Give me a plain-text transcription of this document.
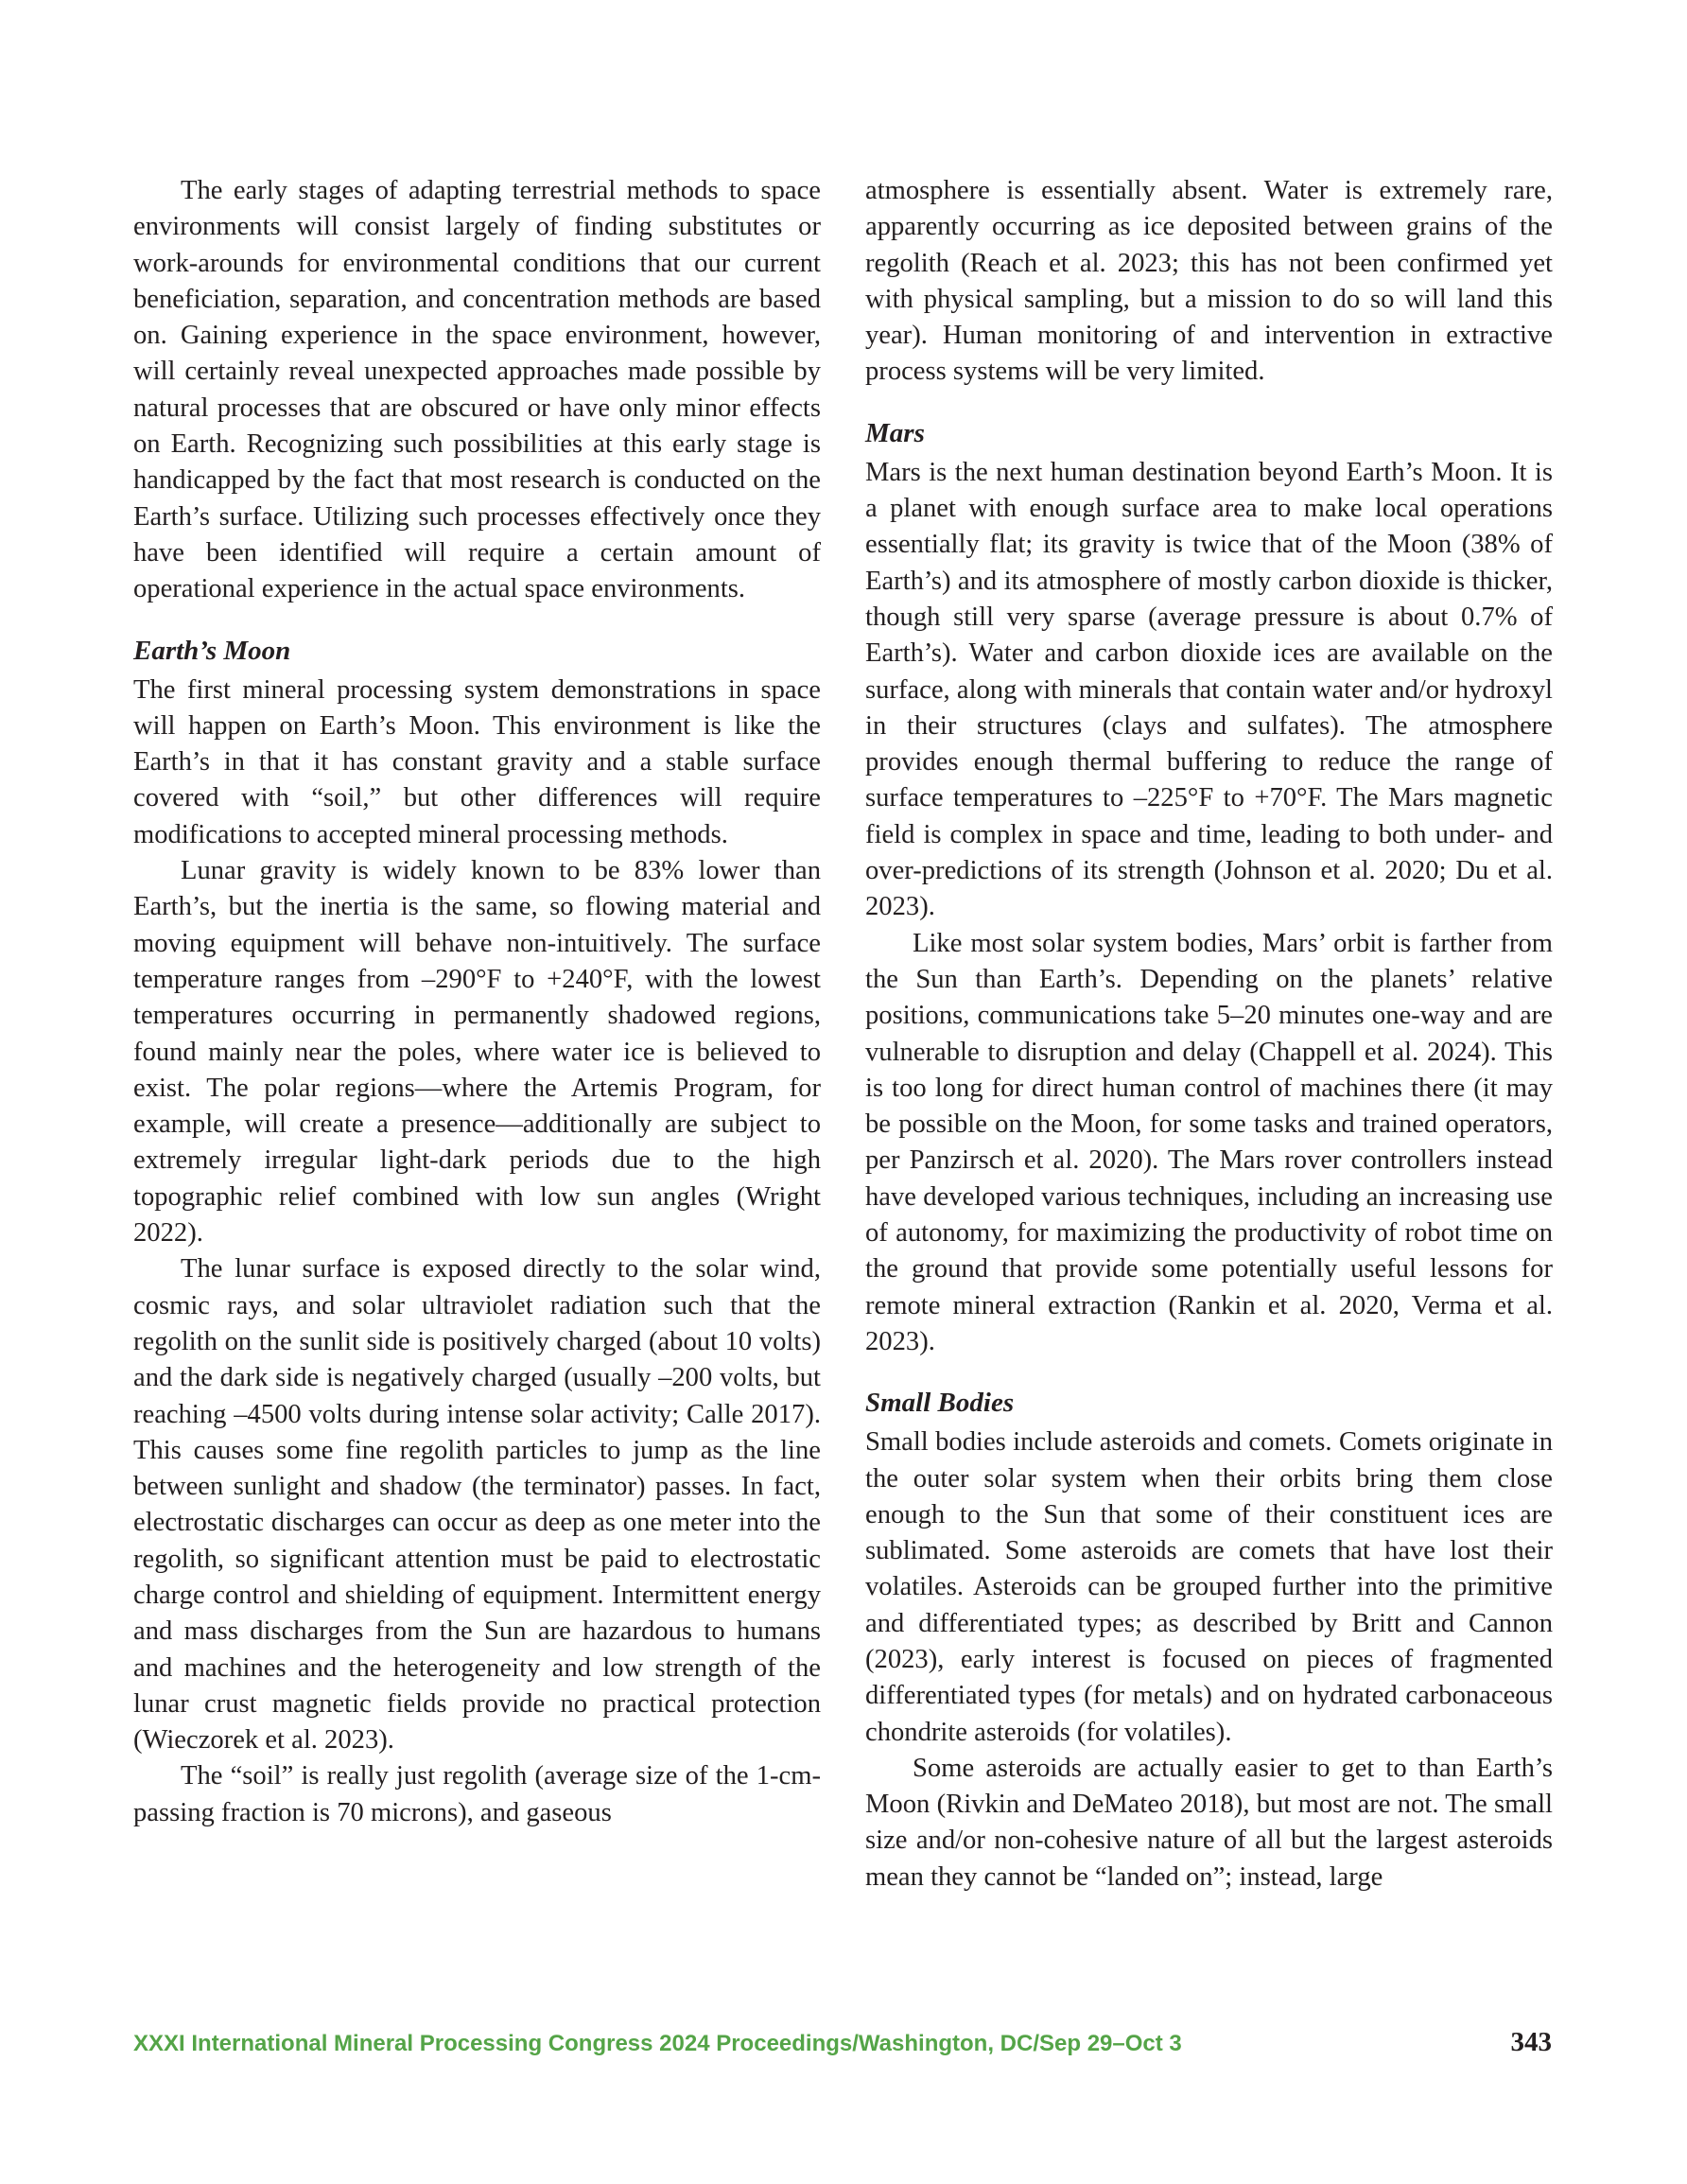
The early stages of adapting terrestrial methods to space environments will consist largely of finding substitutes or work-arounds for environmental conditions that our current beneficiation, separation, and concentration methods are based on. Gaining experience in the space environment, however, will certainly reveal unexpected approaches made possible by natural processes that are obscured or have only minor effects on Earth. Recognizing such possibilities at this early stage is handicapped by the fact that most research is conducted on the Earth’s surface. Utilizing such processes effectively once they have been identified will require a certain amount of operational experience in the actual space environments.

Earth’s Moon

The first mineral processing system demonstrations in space will happen on Earth’s Moon. This environment is like the Earth’s in that it has constant gravity and a stable surface covered with “soil,” but other differences will require modifications to accepted mineral processing methods.

Lunar gravity is widely known to be 83% lower than Earth’s, but the inertia is the same, so flowing material and moving equipment will behave non-intuitively. The surface temperature ranges from –290°F to +240°F, with the lowest temperatures occurring in permanently shadowed regions, found mainly near the poles, where water ice is believed to exist. The polar regions—where the Artemis Program, for example, will create a presence—additionally are subject to extremely irregular light-dark periods due to the high topographic relief combined with low sun angles (Wright 2022).

The lunar surface is exposed directly to the solar wind, cosmic rays, and solar ultraviolet radiation such that the regolith on the sunlit side is positively charged (about 10 volts) and the dark side is negatively charged (usually –200 volts, but reaching –4500 volts during intense solar activity; Calle 2017). This causes some fine regolith particles to jump as the line between sunlight and shadow (the terminator) passes. In fact, electrostatic discharges can occur as deep as one meter into the regolith, so significant attention must be paid to electrostatic charge control and shielding of equipment. Intermittent energy and mass discharges from the Sun are hazardous to humans and machines and the heterogeneity and low strength of the lunar crust magnetic fields provide no practical protection (Wieczorek et al. 2023).

The “soil” is really just regolith (average size of the 1-cm-passing fraction is 70 microns), and gaseous

atmosphere is essentially absent. Water is extremely rare, apparently occurring as ice deposited between grains of the regolith (Reach et al. 2023; this has not been confirmed yet with physical sampling, but a mission to do so will land this year). Human monitoring of and intervention in extractive process systems will be very limited.

Mars

Mars is the next human destination beyond Earth’s Moon. It is a planet with enough surface area to make local operations essentially flat; its gravity is twice that of the Moon (38% of Earth’s) and its atmosphere of mostly carbon dioxide is thicker, though still very sparse (average pressure is about 0.7% of Earth’s). Water and carbon dioxide ices are available on the surface, along with minerals that contain water and/or hydroxyl in their structures (clays and sulfates). The atmosphere provides enough thermal buffering to reduce the range of surface temperatures to –225°F to +70°F. The Mars magnetic field is complex in space and time, leading to both under- and over-predictions of its strength (Johnson et al. 2020; Du et al. 2023).

Like most solar system bodies, Mars’ orbit is farther from the Sun than Earth’s. Depending on the planets’ relative positions, communications take 5–20 minutes one-way and are vulnerable to disruption and delay (Chappell et al. 2024). This is too long for direct human control of machines there (it may be possible on the Moon, for some tasks and trained operators, per Panzirsch et al. 2020). The Mars rover controllers instead have developed various techniques, including an increasing use of autonomy, for maximizing the productivity of robot time on the ground that provide some potentially useful lessons for remote mineral extraction (Rankin et al. 2020, Verma et al. 2023).

Small Bodies

Small bodies include asteroids and comets. Comets originate in the outer solar system when their orbits bring them close enough to the Sun that some of their constituent ices are sublimated. Some asteroids are comets that have lost their volatiles. Asteroids can be grouped further into the primitive and differentiated types; as described by Britt and Cannon (2023), early interest is focused on pieces of fragmented differentiated types (for metals) and on hydrated carbonaceous chondrite asteroids (for volatiles).

Some asteroids are actually easier to get to than Earth’s Moon (Rivkin and DeMateo 2018), but most are not. The small size and/or non-cohesive nature of all but the largest asteroids mean they cannot be “landed on”; instead, large

XXXI International Mineral Processing Congress 2024 Proceedings/Washington, DC/Sep 29–Oct 3	343
